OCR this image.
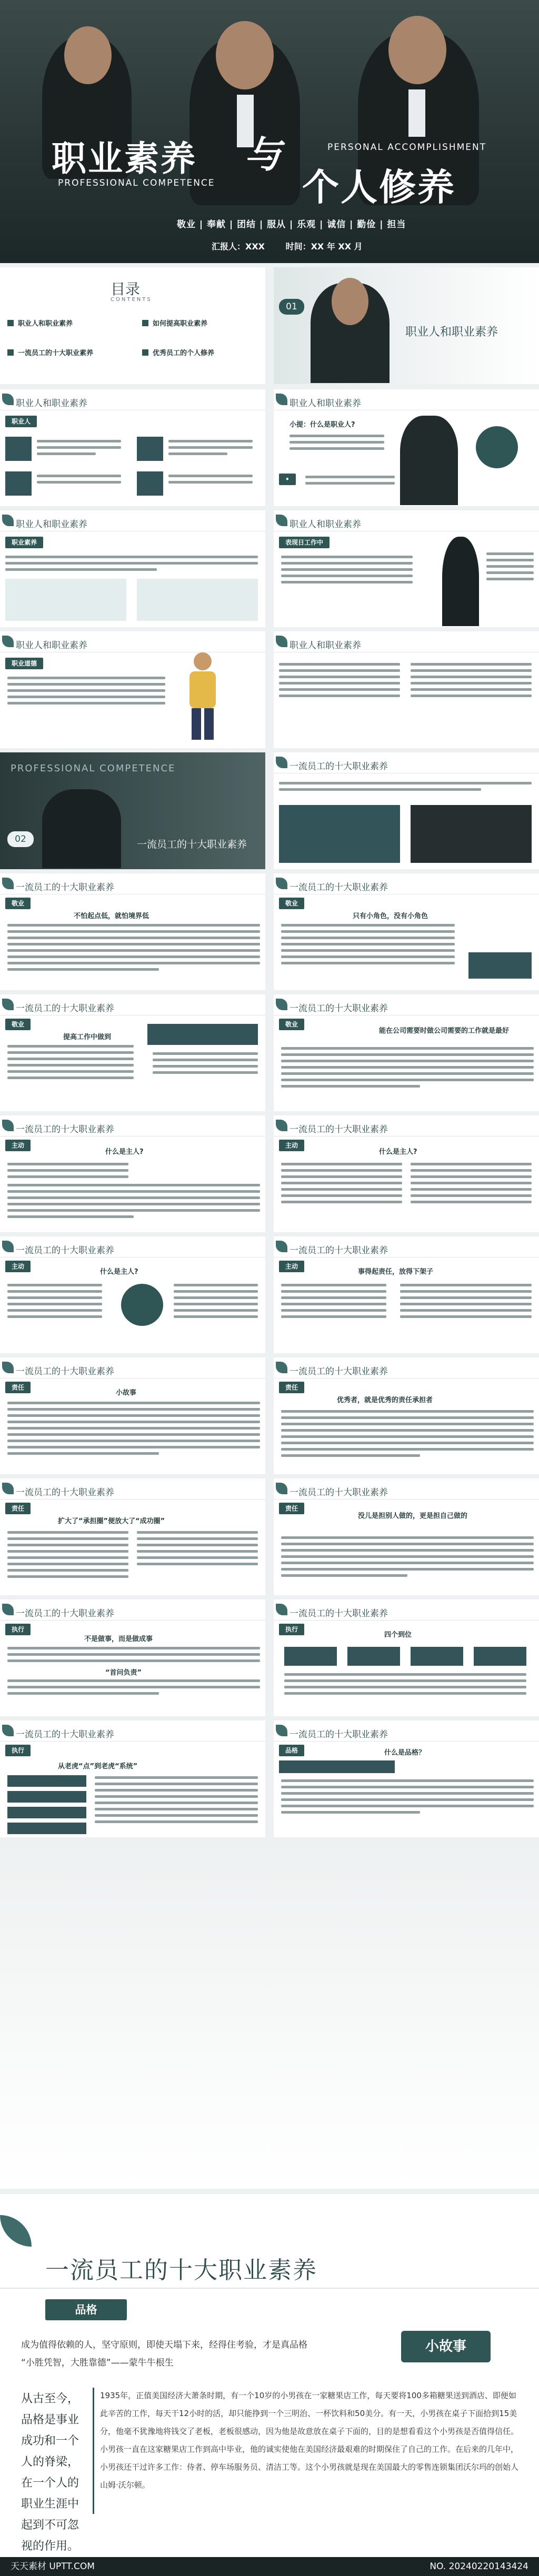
职业素养 与
个人修养
PROFESSIONAL COMPETENCE
PERSONAL ACCOMPLISHMENT
敬业 | 奉献 | 团结 | 服从 | 乐观 | 诚信 | 勤俭 | 担当
汇报人：XXX 时间：XX 年 XX 月
目录
CONTENTS
职业人和职业素养	如何提高职业素养
一流员工的十大职业素养	优秀员工的个人修养
01
职业人和职业素养
职业人和职业素养
职业人
职业人和职业素养
小提：什么是职业人?
•
职业人和职业素养
职业素养
职业人和职业素养
表现日工作中
职业人和职业素养
职业道德
职业人和职业素养
PROFESSIONAL COMPETENCE
02	一流员工的十大职业素养
一流员工的十大职业素养
一流员工的十大职业素养
敬业
不怕起点低，就怕境界低
一流员工的十大职业素养
敬业
只有小角色，没有小角色
一流员工的十大职业素养
敬业
提高工作中做到
一流员工的十大职业素养
敬业
能在公司需要时做公司需要的工作就是最好
一流员工的十大职业素养
主动
什么是主人?
一流员工的十大职业素养
主动
什么是主人?
一流员工的十大职业素养
主动
什么是主人?
一流员工的十大职业素养
主动
事得起责任，放得下架子
一流员工的十大职业素养
责任
小故事
一流员工的十大职业素养
责任
优秀者，就是优秀的责任承担者
一流员工的十大职业素养
责任
扩大了“承担圈”便放大了“成功圈”
一流员工的十大职业素养
责任
没儿是担别人做的，更是担自己做的
一流员工的十大职业素养
执行
不是做事，而是做成事
“首问负责”
一流员工的十大职业素养
执行
四个到位
一流员工的十大职业素养
执行
从老虎“点”到老虎“系统”
一流员工的十大职业素养
品格	什么是品格？
一流员工的十大职业素养
品格
成为值得依赖的人，坚守原则，即使天塌下来，经得住考验，才是真品格
“小胜凭智，大胜靠德”——蒙牛牛根生
小故事
从古至今，品格是事业成功和一个人的脊梁，在一个人的职业生涯中起到不可忽视的作用。
1935年，正值美国经济大萧条时期，有一个10岁的小男孩在一家糖果店工作，每天要将100多箱糖果送到酒店、即便如此辛苦的工作，每天干12小时的活，却只能挣到一个三明治、一杯饮料和50美分。有一天，小男孩在桌子下面拾到15美分，他毫不犹豫地将钱交了老板，老板很感动，因为他是故意放在桌子下面的，目的是想看看这个小男孩是否值得信任。小男孩一直在这家糖果店工作到高中毕业，他的诚实使他在美国经济最艰难的时期保住了自己的工作。在后来的几年中，小男孩还干过许多工作：侍者、停车场服务员、清洁工等。这个小男孩就是现在美国最大的零售连锁集团沃尔玛的创始人山姆·沃尔顿。
天天素材 UPTT.COM	NO. 20240220143424
